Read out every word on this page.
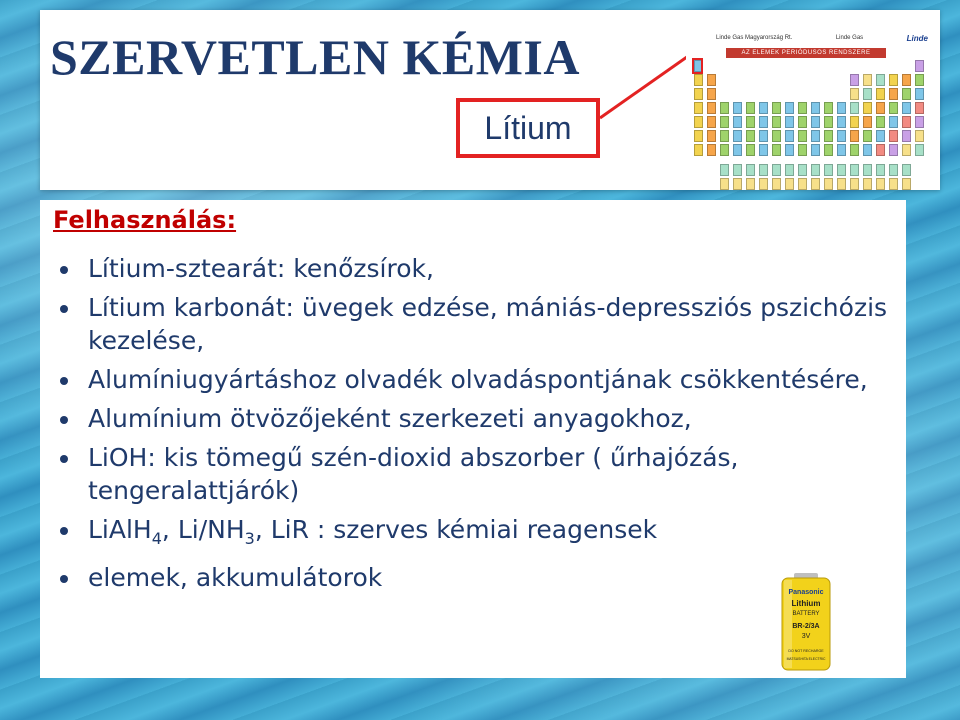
SZERVETLEN KÉMIA
Lítium
Linde Gas Magyarország Rt.	Linde Gas	Linde
AZ ELEMEK PERIÓDUSOS RENDSZERE
Felhasználás:
Lítium-sztearát: kenőzsírok,
Lítium karbonát: üvegek edzése, mániás-depressziós pszichózis kezelése,
Alumíniugyártáshoz olvadék olvadáspontjának csökkentésére,
Alumínium ötvözőjeként szerkezeti anyagokhoz,
LiOH: kis tömegű szén-dioxid abszorber ( űrhajózás, tengeralattjárók)
LiAlH$_4$, $Li/NH_3$, LiR : szerves kémiai reagensek
elemek, akkumulátorok
Panasonic
Lithium
BATTERY
BR-2/3A
3V
DO NOT RECHARGE
MATSUSHITA ELECTRIC
